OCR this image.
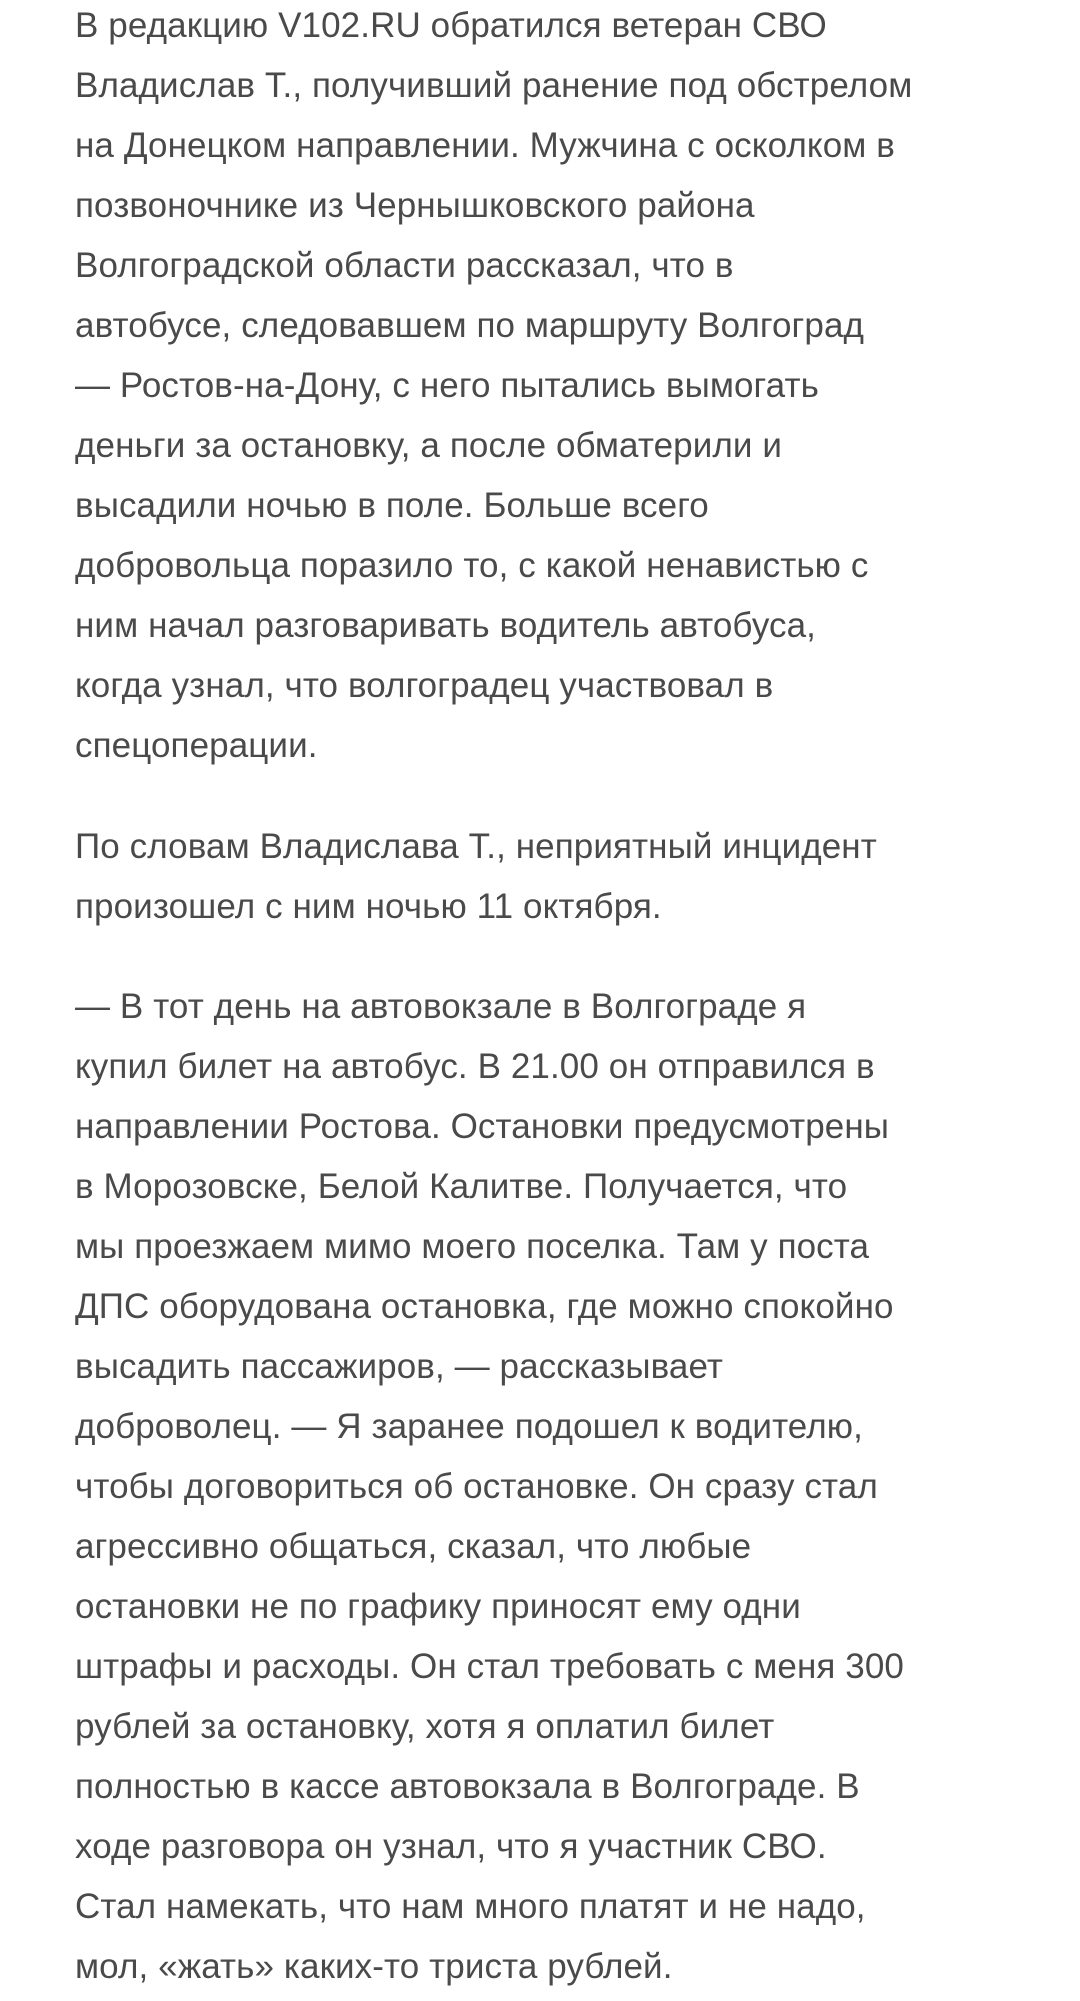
В редакцию V102.RU обратился ветеран СВО
Владислав Т., получивший ранение под обстрелом
на Донецком направлении. Мужчина с осколком в
позвоночнике из Чернышковского района
Волгоградской области рассказал, что в
автобусе, следовавшем по маршруту Волгоград
— Ростов-на-Дону, с него пытались вымогать
деньги за остановку, а после обматерили и
высадили ночью в поле. Больше всего
добровольца поразило то, с какой ненавистью с
ним начал разговаривать водитель автобуса,
когда узнал, что волгоградец участвовал в
спецоперации.

По словам Владислава Т., неприятный инцидент
произошел с ним ночью 11 октября.

— В тот день на автовокзале в Волгограде я
купил билет на автобус. В 21.00 он отправился в
направлении Ростова. Остановки предусмотрены
в Морозовске, Белой Калитве. Получается, что
мы проезжаем мимо моего поселка. Там у поста
ДПС оборудована остановка, где можно спокойно
высадить пассажиров, — рассказывает
доброволец. — Я заранее подошел к водителю,
чтобы договориться об остановке. Он сразу стал
агрессивно общаться, сказал, что любые
остановки не по графику приносят ему одни
штрафы и расходы. Он стал требовать с меня 300
рублей за остановку, хотя я оплатил билет
полностью в кассе автовокзала в Волгограде. В
ходе разговора он узнал, что я участник СВО.
Стал намекать, что нам много платят и не надо,
мол, «жать» каких-то триста рублей.
